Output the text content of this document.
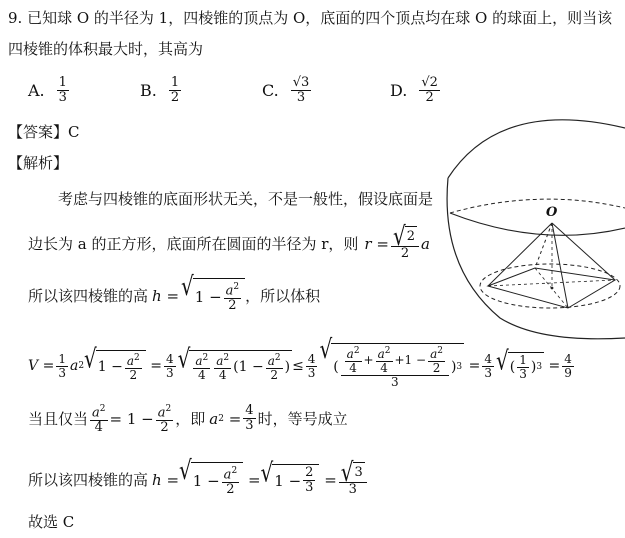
9. 已知球 O 的半径为 1，四棱锥的顶点为 O，底面的四个顶点均在球 O 的球面上，则当该
四棱锥的体积最大时，其高为
A. $\frac{1}{3}$	B. $\frac{1}{2}$	C. $\frac{√3}{3}$	D. $\frac{√2}{2}$
【答案】C
【解析】
考虑与四棱锥的底面形状无关，不是一般性，假设底面是
边长为 a 的正方形，底面所在圆面的半径为 r，则 $r = \frac{√ 2}{2}$ a
所以该四棱锥的高 h = √ $1 - \frac{a^2}{2}$ ，所以体积
$V = \frac{1}{3}$ a 2 √ $1 - \frac{a^2}{2} = \frac{4}{3}$ √ $\frac{a^2}{4} \frac{a^2}{4} (1 - \frac{a^2}{2}$ ) ≤ $\frac{4}{3}$
√
( $\frac{\frac{a^2}{4} + \frac{a^2}{4} +1 - \frac{a^2}{2}}{3}$ ) $3 = \frac{4}{3}$ √ ( $\frac{1}{3}$ ) $3 = \frac{4}{9}$
当且仅当 $\frac{a^2}{4} = 1 - \frac{a^2}{2}$ ，即 a $2 = \frac{4}{3}$ 时，等号成立
所以该四棱锥的高 h = √ $1 - \frac{a^2}{2}$ = √ $1 - \frac{2}{3} = \frac{√ 3}{3}$
故选 C
O
